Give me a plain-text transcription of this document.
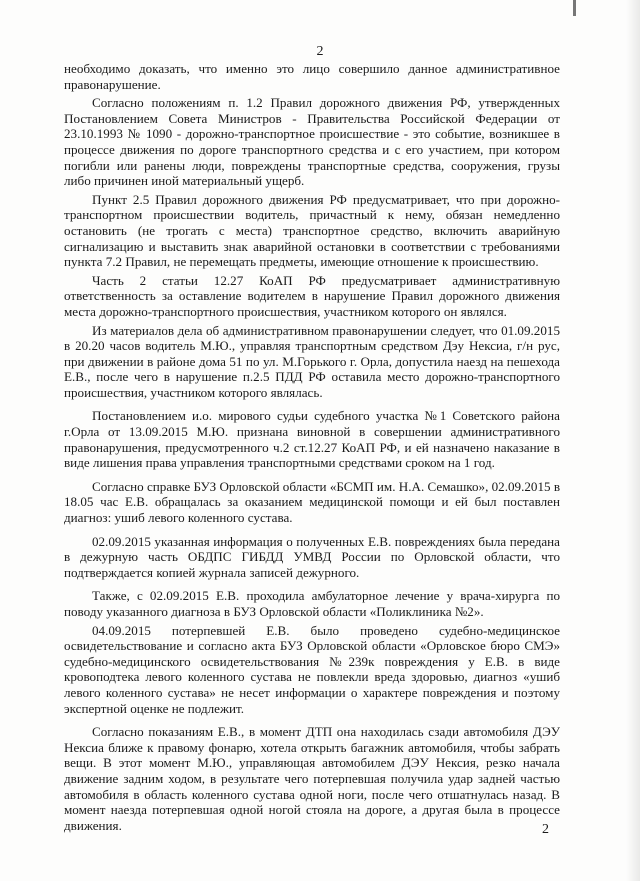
2

необходимо доказать, что именно это лицо совершило данное административное правонарушение.

Согласно положениям п. 1.2 Правил дорожного движения РФ, утвержденных Постановлением Совета Министров - Правительства Российской Федерации от 23.10.1993 № 1090 - дорожно-транспортное происшествие - это событие, возникшее в процессе движения по дороге транспортного средства и с его участием, при котором погибли или ранены люди, повреждены транспортные средства, сооружения, грузы либо причинен иной материальный ущерб.

Пункт 2.5 Правил дорожного движения РФ предусматривает, что при дорожно-транспортном происшествии водитель, причастный к нему, обязан немедленно остановить (не трогать с места) транспортное средство, включить аварийную сигнализацию и выставить знак аварийной остановки в соответствии с требованиями пункта 7.2 Правил, не перемещать предметы, имеющие отношение к происшествию.

Часть 2 статьи 12.27 КоАП РФ предусматривает административную ответственность за оставление водителем в нарушение Правил дорожного движения места дорожно-транспортного происшествия, участником которого он являлся.

Из материалов дела об административном правонарушении следует, что 01.09.2015 в 20.20 часов водитель М.Ю., управляя транспортным средством Дэу Нексиа, г/н рус, при движении в районе дома 51 по ул. М.Горького г. Орла, допустила наезд на пешехода Е.В., после чего в нарушение п.2.5 ПДД РФ оставила место дорожно-транспортного происшествия, участником которого являлась.

Постановлением и.о. мирового судьи судебного участка №1 Советского района г.Орла от 13.09.2015 М.Ю. признана виновной в совершении административного правонарушения, предусмотренного ч.2 ст.12.27 КоАП РФ, и ей назначено наказание в виде лишения права управления транспортными средствами сроком на 1 год.

Согласно справке БУЗ Орловской области «БСМП им. Н.А. Семашко», 02.09.2015 в 18.05 час Е.В. обращалась за оказанием медицинской помощи и ей был поставлен диагноз: ушиб левого коленного сустава.

02.09.2015 указанная информация о полученных Е.В. повреждениях была передана в дежурную часть ОБДПС ГИБДД УМВД России по Орловской области, что подтверждается копией журнала записей дежурного.

Также, с 02.09.2015 Е.В. проходила амбулаторное лечение у врача-хирурга по поводу указанного диагноза в БУЗ Орловской области «Поликлиника №2».

04.09.2015 потерпевшей Е.В. было проведено судебно-медицинское освидетельствование и согласно акта БУЗ Орловской области «Орловское бюро СМЭ» судебно-медицинского освидетельствования №239к повреждения у Е.В. в виде кровоподтека левого коленного сустава не повлекли вреда здоровью, диагноз «ушиб левого коленного сустава» не несет информации о характере повреждения и поэтому экспертной оценке не подлежит.

Согласно показаниям Е.В., в момент ДТП она находилась сзади автомобиля ДЭУ Нексиа ближе к правому фонарю, хотела открыть багажник автомобиля, чтобы забрать вещи. В этот момент М.Ю., управляющая автомобилем ДЭУ Нексия, резко начала движение задним ходом, в результате чего потерпевшая получила удар задней частью автомобиля в область коленного сустава одной ноги, после чего отшатнулась назад. В момент наезда потерпевшая одной ногой стояла на дороге, а другая была в процессе движения.	2
